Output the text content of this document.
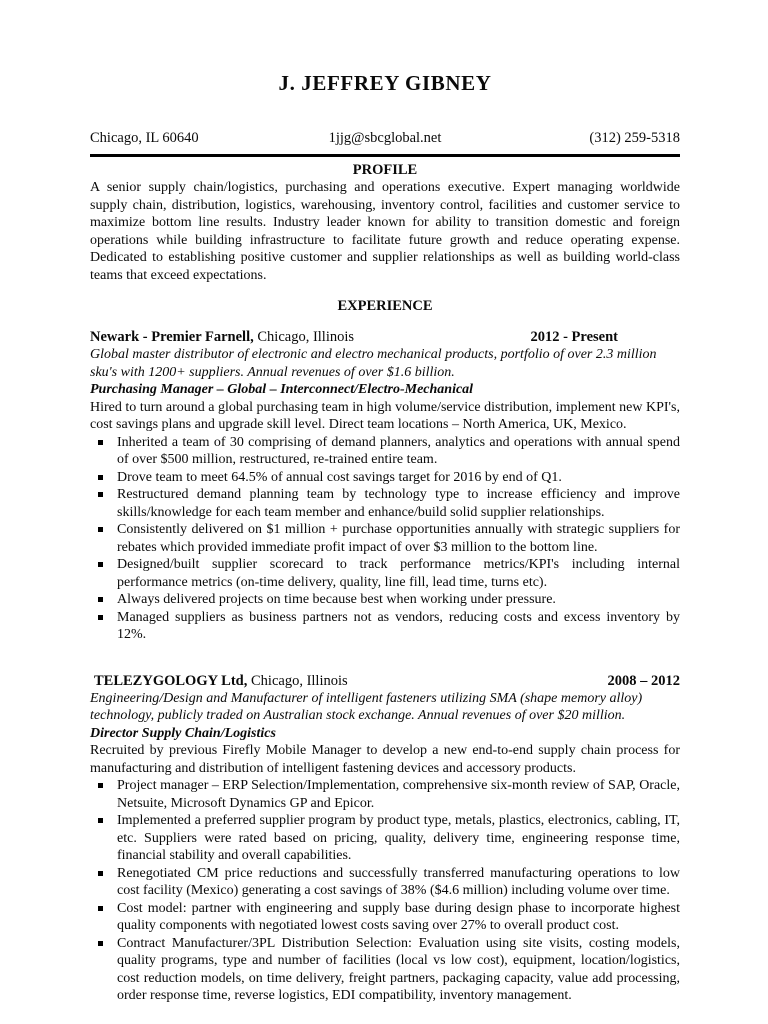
J. JEFFREY GIBNEY
Chicago, IL 60640	1jjg@sbcglobal.net	(312) 259-5318
PROFILE

A senior supply chain/logistics, purchasing and operations executive. Expert managing worldwide supply chain, distribution, logistics, warehousing, inventory control, facilities and customer service to maximize bottom line results. Industry leader known for ability to transition domestic and foreign operations while building infrastructure to facilitate future growth and reduce operating expense. Dedicated to establishing positive customer and supplier relationships as well as building world-class teams that exceed expectations.

EXPERIENCE
Newark - Premier Farnell, Chicago, Illinois	2012 - Present

Global master distributor of electronic and electro mechanical products, portfolio of over 2.3 million sku's with 1200+ suppliers. Annual revenues of over $1.6 billion.

Purchasing Manager – Global – Interconnect/Electro-Mechanical

Hired to turn around a global purchasing team in high volume/service distribution, implement new KPI's, cost savings plans and upgrade skill level. Direct team locations – North America, UK, Mexico.

Inherited a team of 30 comprising of demand planners, analytics and operations with annual spend of over $500 million, restructured, re-trained entire team.
Drove team to meet 64.5% of annual cost savings target for 2016 by end of Q1.
Restructured demand planning team by technology type to increase efficiency and improve skills/knowledge for each team member and enhance/build solid supplier relationships.
Consistently delivered on $1 million + purchase opportunities annually with strategic suppliers for rebates which provided immediate profit impact of over $3 million to the bottom line.
Designed/built supplier scorecard to track performance metrics/KPI's including internal performance metrics (on-time delivery, quality, line fill, lead time, turns etc).
Always delivered projects on time because best when working under pressure.
Managed suppliers as business partners not as vendors, reducing costs and excess inventory by 12%.
TELEZYGOLOGY Ltd, Chicago, Illinois	2008 – 2012

Engineering/Design and Manufacturer of intelligent fasteners utilizing SMA (shape memory alloy) technology, publicly traded on Australian stock exchange. Annual revenues of over $20 million.

Director Supply Chain/Logistics

Recruited by previous Firefly Mobile Manager to develop a new end-to-end supply chain process for manufacturing and distribution of intelligent fastening devices and accessory products.

Project manager – ERP Selection/Implementation, comprehensive six-month review of SAP, Oracle, Netsuite, Microsoft Dynamics GP and Epicor.
Implemented a preferred supplier program by product type, metals, plastics, electronics, cabling, IT, etc. Suppliers were rated based on pricing, quality, delivery time, engineering response time, financial stability and overall capabilities.
Renegotiated CM price reductions and successfully transferred manufacturing operations to low cost facility (Mexico) generating a cost savings of 38% ($4.6 million) including volume over time.
Cost model: partner with engineering and supply base during design phase to incorporate highest quality components with negotiated lowest costs saving over 27% to overall product cost.
Contract Manufacturer/3PL Distribution Selection: Evaluation using site visits, costing models, quality programs, type and number of facilities (local vs low cost), equipment, location/logistics, cost reduction models, on time delivery, freight partners, packaging capacity, value add processing, order response time, reverse logistics, EDI compatibility, inventory management.
